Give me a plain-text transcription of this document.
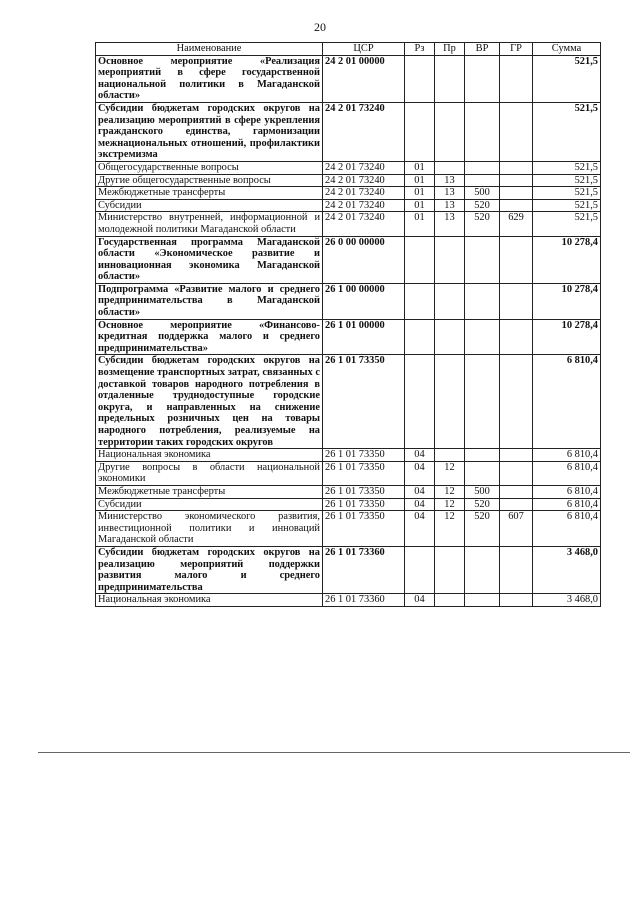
20
Наименование	ЦСР	Рз	Пр	ВР	ГР	Сумма
Основное мероприятие «Реализация мероприятий в сфере государственной национальной политики в Магаданской области»	24 2 01 00000					521,5
Субсидии бюджетам городских округов на реализацию мероприятий в сфере укрепления гражданского единства, гармонизации межнациональных отношений, профилактики экстремизма	24 2 01 73240					521,5
Общегосударственные вопросы	24 2 01 73240	01				521,5
Другие общегосударственные вопросы	24 2 01 73240	01	13			521,5
Межбюджетные трансферты	24 2 01 73240	01	13	500		521,5
Субсидии	24 2 01 73240	01	13	520		521,5
Министерство внутренней, информационной и молодежной политики Магаданской области	24 2 01 73240	01	13	520	629	521,5
Государственная программа Магаданской области «Экономическое развитие и инновационная экономика Магаданской области»	26 0 00 00000					10 278,4
Подпрограмма «Развитие малого и среднего предпринимательства в Магаданской области»	26 1 00 00000					10 278,4
Основное мероприятие «Финансово-кредитная поддержка малого и среднего предпринимательства»	26 1 01 00000					10 278,4
Субсидии бюджетам городских округов на возмещение транспортных затрат, связанных с доставкой товаров народного потребления в отдаленные труднодоступные городские округа, и направленных на снижение предельных розничных цен на товары народного потребления, реализуемые на территории таких городских округов	26 1 01 73350					6 810,4
Национальная экономика	26 1 01 73350	04				6 810,4
Другие вопросы в области национальной экономики	26 1 01 73350	04	12			6 810,4
Межбюджетные трансферты	26 1 01 73350	04	12	500		6 810,4
Субсидии	26 1 01 73350	04	12	520		6 810,4
Министерство экономического развития, инвестиционной политики и инноваций Магаданской области	26 1 01 73350	04	12	520	607	6 810,4
Субсидии бюджетам городских округов на реализацию мероприятий поддержки развития малого и среднего предпринимательства	26 1 01 73360					3 468,0
Национальная экономика	26 1 01 73360	04				3 468,0
